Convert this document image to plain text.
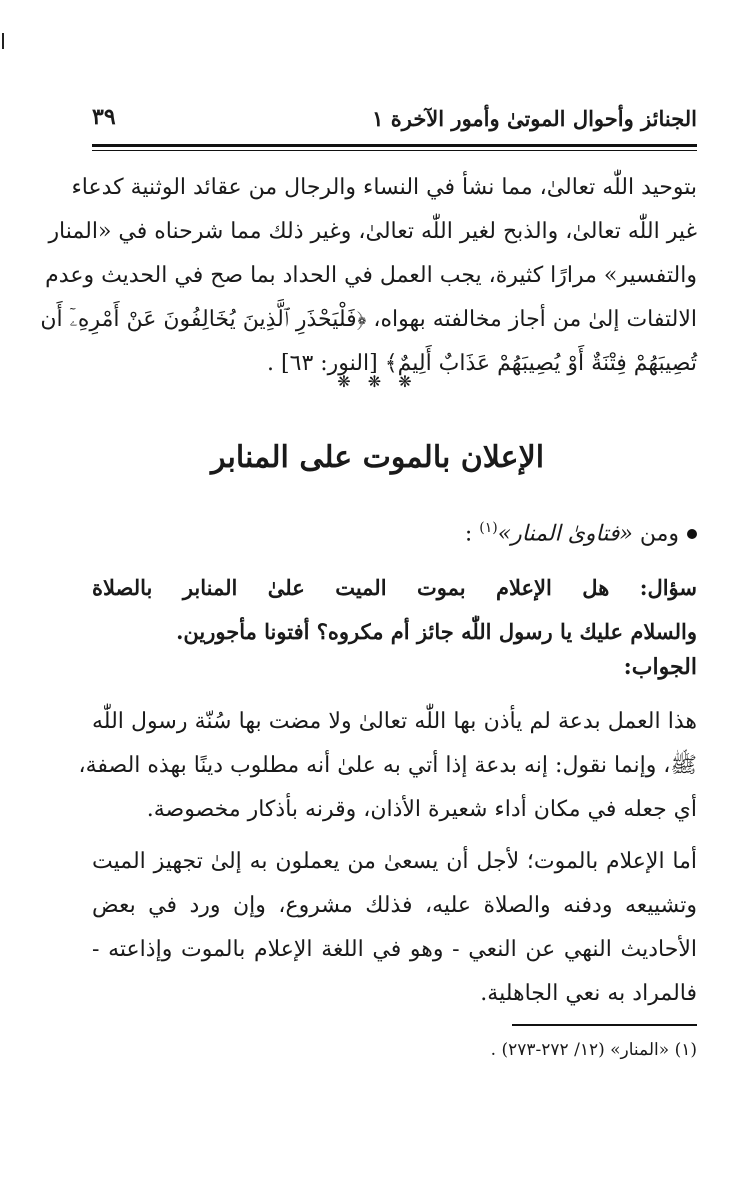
الجنائز وأحوال الموتىٰ وأمور الآخرة ١
٣٩
بتوحيد اللّٰه تعالىٰ، مما نشأ في النساء والرجال من عقائد الوثنية كدعاء
غير اللّٰه تعالىٰ، والذبح لغير اللّٰه تعالىٰ، وغير ذلك مما شرحناه في «المنار
والتفسير» مرارًا كثيرة، يجب العمل في الحداد بما صح في الحديث وعدم
الالتفات إلىٰ من أجاز مخالفته بهواه، ﴿فَلْيَحْذَرِ ٱلَّذِينَ يُخَالِفُونَ عَنْ أَمْرِهِۦٓ أَن
تُصِيبَهُمْ فِتْنَةٌ أَوْ يُصِيبَهُمْ عَذَابٌ أَلِيمٌ﴾ [النور: ٦٣] .
❋ ❋ ❋
الإعلان بالموت على المنابر
ومن «فتاوىٰ المنار»$^{(١)}$ :
سؤال: هل الإعلام بموت الميت علىٰ المنابر بالصلاة
والسلام عليك يا رسول اللّٰه جائز أم مكروه؟ أفتونا مأجورين.
الجواب:
هذا العمل بدعة لم يأذن بها اللّٰه تعالىٰ ولا مضت بها سُنّة رسول اللّٰه
ﷺ، وإنما نقول: إنه بدعة إذا أتي به علىٰ أنه مطلوب دينًا بهذه الصفة،
أي جعله في مكان أداء شعيرة الأذان، وقرنه بأذكار مخصوصة.
أما الإعلام بالموت؛ لأجل أن يسعىٰ من يعملون به إلىٰ تجهيز الميت
وتشييعه ودفنه والصلاة عليه، فذلك مشروع، وإن ورد في بعض
الأحاديث النهي عن النعي - وهو في اللغة الإعلام بالموت وإذاعته -
فالمراد به نعي الجاهلية.
(١) «المنار» (١٢/ ٢٧٢-٢٧٣) .
